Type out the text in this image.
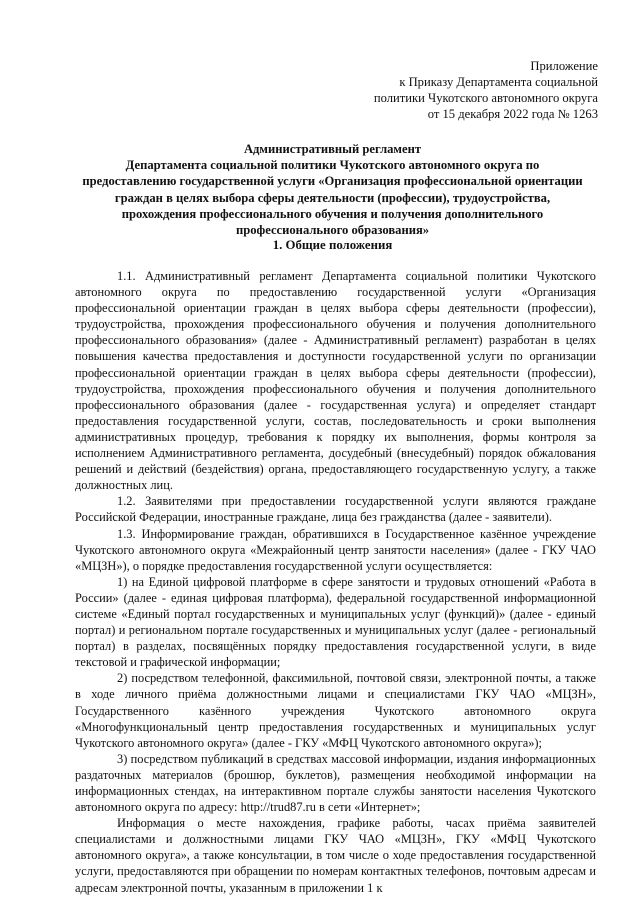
Приложение
к Приказу Департамента социальной
политики Чукотского автономного округа
от 15 декабря 2022 года № 1263
Административный регламент
Департамента социальной политики Чукотского автономного округа по
предоставлению государственной услуги «Организация профессиональной ориентации
граждан в целях выбора сферы деятельности (профессии), трудоустройства,
прохождения профессионального обучения и получения дополнительного
профессионального образования»
1. Общие положения

1.1. Административный регламент Департамента социальной политики Чукотского автономного округа по предоставлению государственной услуги «Организация профессиональной ориентации граждан в целях выбора сферы деятельности (профессии), трудоустройства, прохождения профессионального обучения и получения дополнительного профессионального образования» (далее - Административный регламент) разработан в целях повышения качества предоставления и доступности государственной услуги по организации профессиональной ориентации граждан в целях выбора сферы деятельности (профессии), трудоустройства, прохождения профессионального обучения и получения дополнительного профессионального образования (далее - государственная услуга) и определяет стандарт предоставления государственной услуги, состав, последовательность и сроки выполнения административных процедур, требования к порядку их выполнения, формы контроля за исполнением Административного регламента, досудебный (внесудебный) порядок обжалования решений и действий (бездействия) органа, предоставляющего государственную услугу, а также должностных лиц.

1.2. Заявителями при предоставлении государственной услуги являются граждане Российской Федерации, иностранные граждане, лица без гражданства (далее - заявители).

1.3. Информирование граждан, обратившихся в Государственное казённое учреждение Чукотского автономного округа «Межрайонный центр занятости населения» (далее - ГКУ ЧАО «МЦЗН»), о порядке предоставления государственной услуги осуществляется:

1) на Единой цифровой платформе в сфере занятости и трудовых отношений «Работа в России» (далее - единая цифровая платформа), федеральной государственной информационной системе «Единый портал государственных и муниципальных услуг (функций)» (далее - единый портал) и региональном портале государственных и муниципальных услуг (далее - региональный портал) в разделах, посвящённых порядку предоставления государственной услуги, в виде текстовой и графической информации;

2) посредством телефонной, факсимильной, почтовой связи, электронной почты, а также в ходе личного приёма должностными лицами и специалистами ГКУ ЧАО «МЦЗН», Государственного казённого учреждения Чукотского автономного округа «Многофункциональный центр предоставления государственных и муниципальных услуг Чукотского автономного округа» (далее - ГКУ «МФЦ Чукотского автономного округа»);

3) посредством публикаций в средствах массовой информации, издания информационных раздаточных материалов (брошюр, буклетов), размещения необходимой информации на информационных стендах, на интерактивном портале службы занятости населения Чукотского автономного округа по адресу: http://trud87.ru в сети «Интернет»;

Информация о месте нахождения, графике работы, часах приёма заявителей специалистами и должностными лицами ГКУ ЧАО «МЦЗН», ГКУ «МФЦ Чукотского автономного округа», а также консультации, в том числе о ходе предоставления государственной услуги, предоставляются при обращении по номерам контактных телефонов, почтовым адресам и адресам электронной почты, указанным в приложении 1 к
